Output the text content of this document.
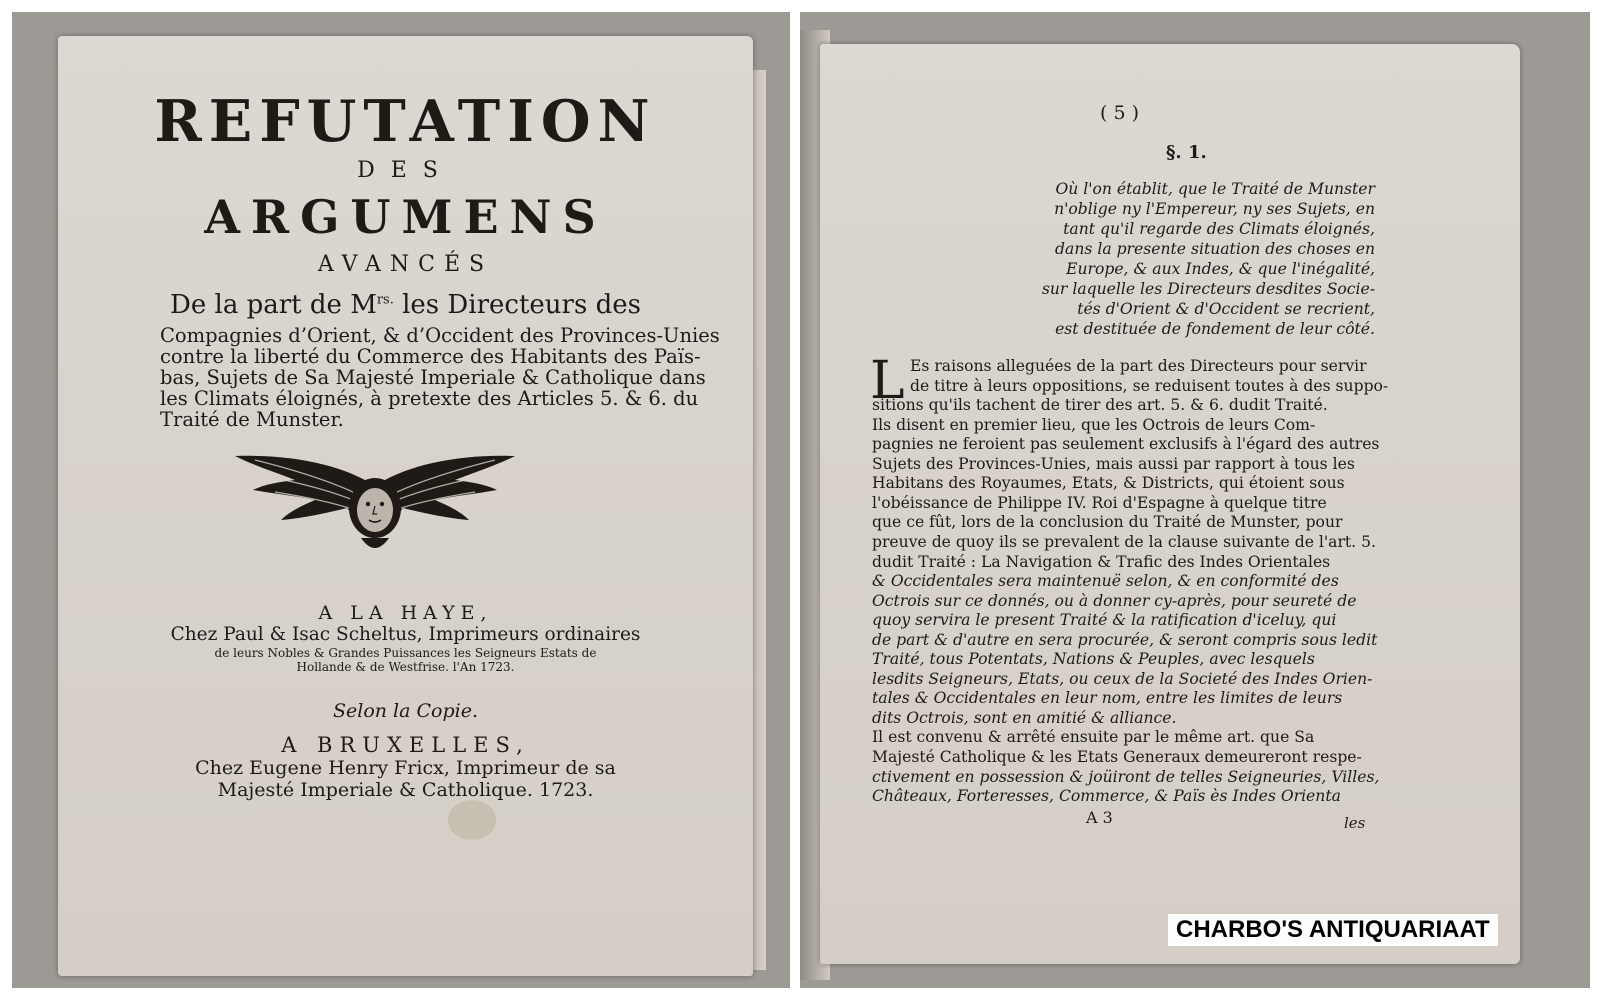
REFUTATION
DES
ARGUMENS
AVANCÉS
De la part de $M^{rs.}$ les Directeurs des
Compagnies d’Orient, & d’Occident des Provinces-Unies
contre la liberté du Commerce des Habitants des Païs-
bas, Sujets de Sa Majesté Imperiale & Catholique dans
les Climats éloignés, à pretexte des Articles 5. & 6. du
Traité de Munster.
A LA HAYE,
Chez Paul & Isac Scheltus, Imprimeurs ordinaires
de leurs Nobles & Grandes Puissances les Seigneurs Estats de
Hollande & de Westfrise. l'An 1723.
Selon la Copie.
A BRUXELLES,
Chez Eugene Henry Fricx, Imprimeur de sa
Majesté Imperiale & Catholique. 1723.
( 5 )
§. 1.
Où l'on établit, que le Traité de Munster
n'oblige ny l'Empereur, ny ses Sujets, en
tant qu'il regarde des Climats éloignés,
dans la presente situation des choses en
Europe, & aux Indes, & que l'inégalité,
sur laquelle les Directeurs desdites Socie-
tés d'Orient & d'Occident se recrient,
est destituée de fondement de leur côté.
L Es raisons alleguées de la part des Directeurs pour servir
de titre à leurs oppositions, se reduisent toutes à des suppo-
sitions qu'ils tachent de tirer des art. 5. & 6. dudit Traité.
Ils disent en premier lieu, que les Octrois de leurs Com-
pagnies ne feroient pas seulement exclusifs à l'égard des autres
Sujets des Provinces-Unies, mais aussi par rapport à tous les
Habitans des Royaumes, Etats, & Districts, qui étoient sous
l'obéissance de Philippe IV. Roi d'Espagne à quelque titre
que ce fût, lors de la conclusion du Traité de Munster, pour
preuve de quoy ils se prevalent de la clause suivante de l'art. 5.
dudit Traité : La Navigation & Trafic des Indes Orientales
& Occidentales sera maintenuë selon, & en conformité des
Octrois sur ce donnés, ou à donner cy-après, pour seureté de
quoy servira le present Traité & la ratification d'iceluy, qui
de part & d'autre en sera procurée, & seront compris sous ledit
Traité, tous Potentats, Nations & Peuples, avec lesquels
lesdits Seigneurs, Etats, ou ceux de la Societé des Indes Orien-
tales & Occidentales en leur nom, entre les limites de leurs
dits Octrois, sont en amitié & alliance.
Il est convenu & arrêté ensuite par le même art. que Sa
Majesté Catholique & les Etats Generaux demeureront respe-
ctivement en possession & joüiront de telles Seigneuries, Villes,
Châteaux, Forteresses, Commerce, & Païs ès Indes Orienta
A 3	les
CHARBO'S ANTIQUARIAAT
